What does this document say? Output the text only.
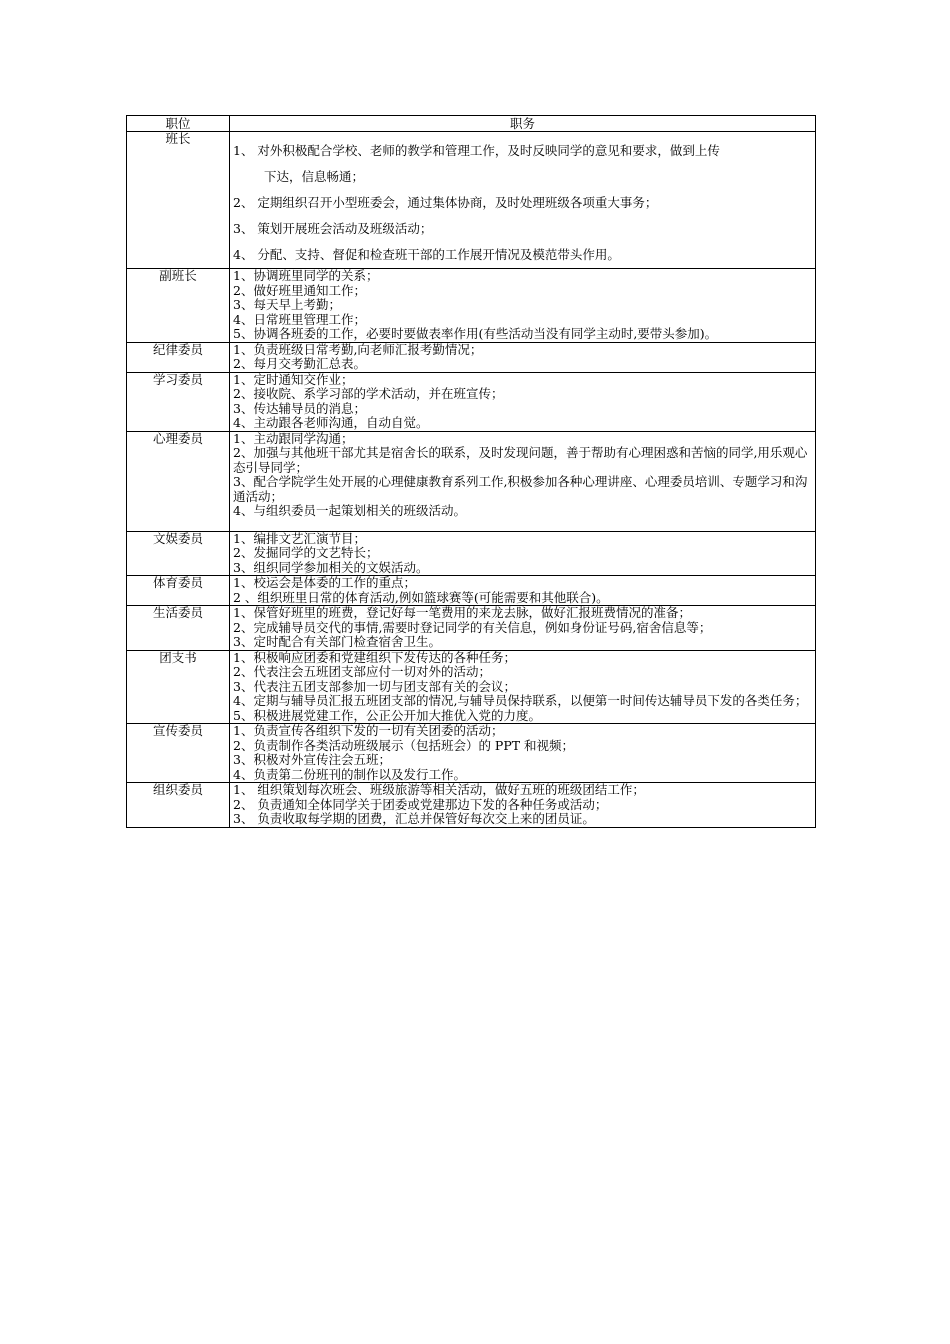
职位	职务
班长	1、 对外积极配合学校、老师的教学和管理工作，及时反映同学的意见和要求，做到上传
下达，信息畅通；
2、 定期组织召开小型班委会，通过集体协商，及时处理班级各项重大事务；
3、 策划开展班会活动及班级活动；
4、 分配、支持、督促和检查班干部的工作展开情况及模范带头作用。

副班长	1、协调班里同学的关系；
2、做好班里通知工作；
3、每天早上考勤；
4、日常班里管理工作；
5、协调各班委的工作，必要时要做表率作用(有些活动当没有同学主动时,要带头参加)。

纪律委员	1、负责班级日常考勤,向老师汇报考勤情况；
2、每月交考勤汇总表。

学习委员	1、定时通知交作业；
2、接收院、系学习部的学术活动，并在班宣传；
3、传达辅导员的消息；
4、主动跟各老师沟通，自动自觉。

心理委员	1、主动跟同学沟通；
2、加强与其他班干部尤其是宿舍长的联系，及时发现问题，善于帮助有心理困惑和苦恼的同学,用乐观心态引导同学；
3、配合学院学生处开展的心理健康教育系列工作,积极参加各种心理讲座、心理委员培训、专题学习和沟通活动；
4、与组织委员一起策划相关的班级活动。

文娱委员	1、编排文艺汇演节目；
2、发掘同学的文艺特长；
3、组织同学参加相关的文娱活动。

体育委员	1、校运会是体委的工作的重点；
2 、组织班里日常的体育活动,例如篮球赛等(可能需要和其他联合)。

生活委员	1、保管好班里的班费，登记好每一笔费用的来龙去脉，做好汇报班费情况的准备；
2、完成辅导员交代的事情,需要时登记同学的有关信息，例如身份证号码,宿舍信息等；
3、定时配合有关部门检查宿舍卫生。

团支书	1、积极响应团委和党建组织下发传达的各种任务；
2、代表注会五班团支部应付一切对外的活动；
3、代表注五团支部参加一切与团支部有关的会议；
4、定期与辅导员汇报五班团支部的情况,与辅导员保持联系，以便第一时间传达辅导员下发的各类任务；
5、积极进展党建工作，公正公开加大推优入党的力度。

宣传委员	1、负责宣传各组织下发的一切有关团委的活动；
2、负责制作各类活动班级展示（包括班会）的 PPT 和视频；
3、积极对外宣传注会五班；
4、负责第二份班刊的制作以及发行工作。

组织委员	1、 组织策划每次班会、班级旅游等相关活动，做好五班的班级团结工作；
2、 负责通知全体同学关于团委或党建那边下发的各种任务或活动；
3、 负责收取每学期的团费，汇总并保管好每次交上来的团员证。
